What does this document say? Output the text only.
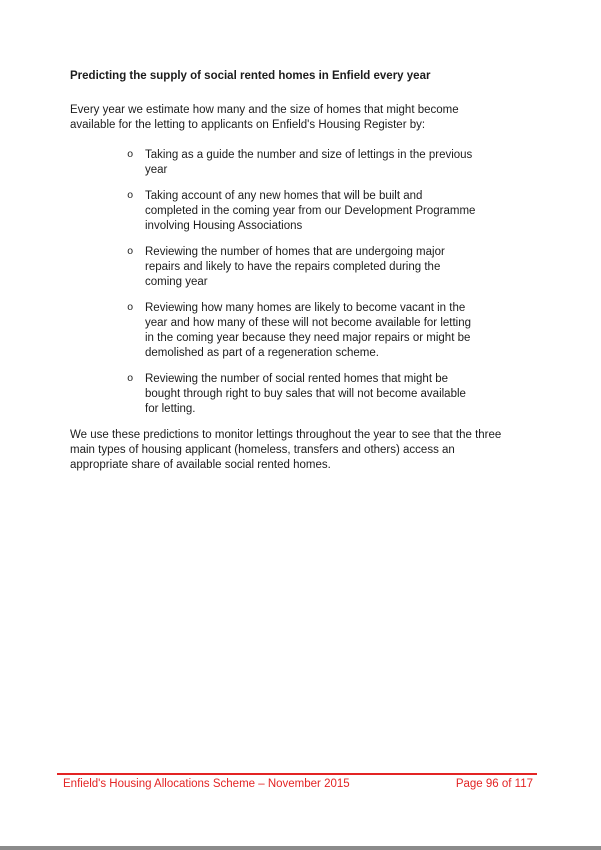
Predicting the supply of social rented homes in Enfield every year
Every year we estimate how many and the size of homes that might become
available for the letting to applicants on Enfield's Housing Register by:
o Taking as a guide the number and size of lettings in the previous
year
o Taking account of any new homes that will be built and
completed in the coming year from our Development Programme
involving Housing Associations
o Reviewing the number of homes that are undergoing major
repairs and likely to have the repairs completed during the
coming year
o Reviewing how many homes are likely to become vacant in the
year and how many of these will not become available for letting
in the coming year because they need major repairs or might be
demolished as part of a regeneration scheme.
o Reviewing the number of social rented homes that might be
bought through right to buy sales that will not become available
for letting.
We use these predictions to monitor lettings throughout the year to see that the three
main types of housing applicant (homeless, transfers and others) access an
appropriate share of available social rented homes.
Enfield's Housing Allocations Scheme – November 2015	Page 96 of 117
